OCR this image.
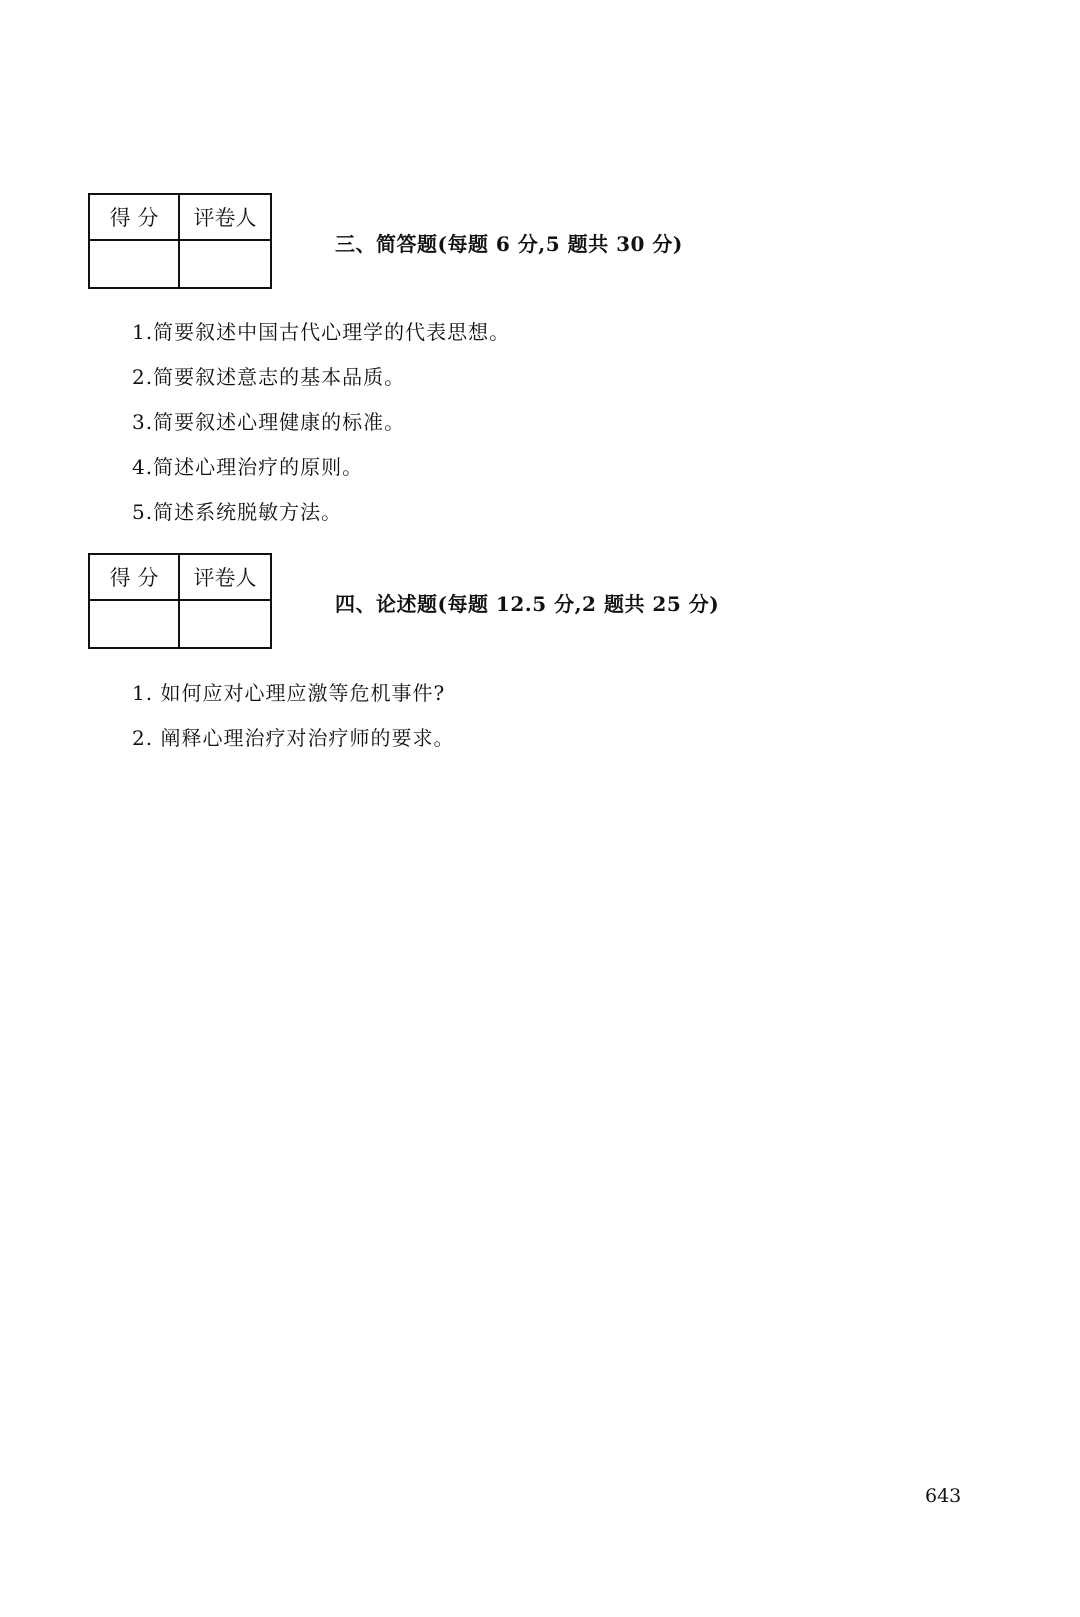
得 分	评卷人

三、简答题(每题 6 分,5 题共 30 分)
1.简要叙述中国古代心理学的代表思想。
2.简要叙述意志的基本品质。
3.简要叙述心理健康的标准。
4.简述心理治疗的原则。
5.简述系统脱敏方法。
得 分	评卷人

四、论述题(每题 12.5 分,2 题共 25 分)
1. 如何应对心理应激等危机事件?
2. 阐释心理治疗对治疗师的要求。
643
